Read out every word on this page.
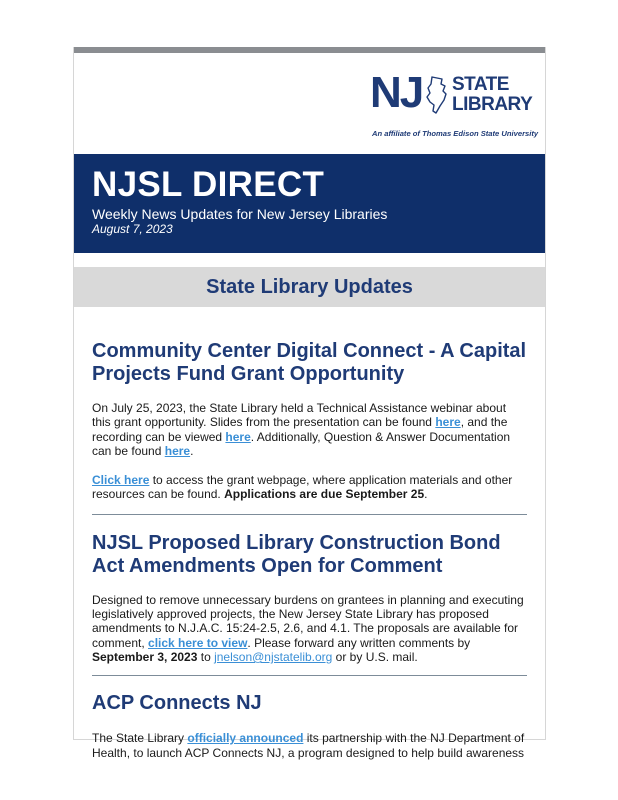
NJ STATE
LIBRARY
An affiliate of Thomas Edison State University
NJSL DIRECT
Weekly News Updates for New Jersey Libraries
August 7, 2023
State Library Updates
Community Center Digital Connect - A Capital Projects Fund Grant Opportunity

On July 25, 2023, the State Library held a Technical Assistance webinar about this grant opportunity. Slides from the presentation can be found here, and the recording can be viewed here. Additionally, Question & Answer Documentation can be found here.

Click here to access the grant webpage, where application materials and other resources can be found. Applications are due September 25.

NJSL Proposed Library Construction Bond Act Amendments Open for Comment

Designed to remove unnecessary burdens on grantees in planning and executing legislatively approved projects, the New Jersey State Library has proposed amendments to N.J.A.C. 15:24-2.5, 2.6, and 4.1. The proposals are available for comment, click here to view. Please forward any written comments by September 3, 2023 to jnelson@njstatelib.org or by U.S. mail.

ACP Connects NJ

The State Library officially announced its partnership with the NJ Department of Health, to launch ACP Connects NJ, a program designed to help build awareness
